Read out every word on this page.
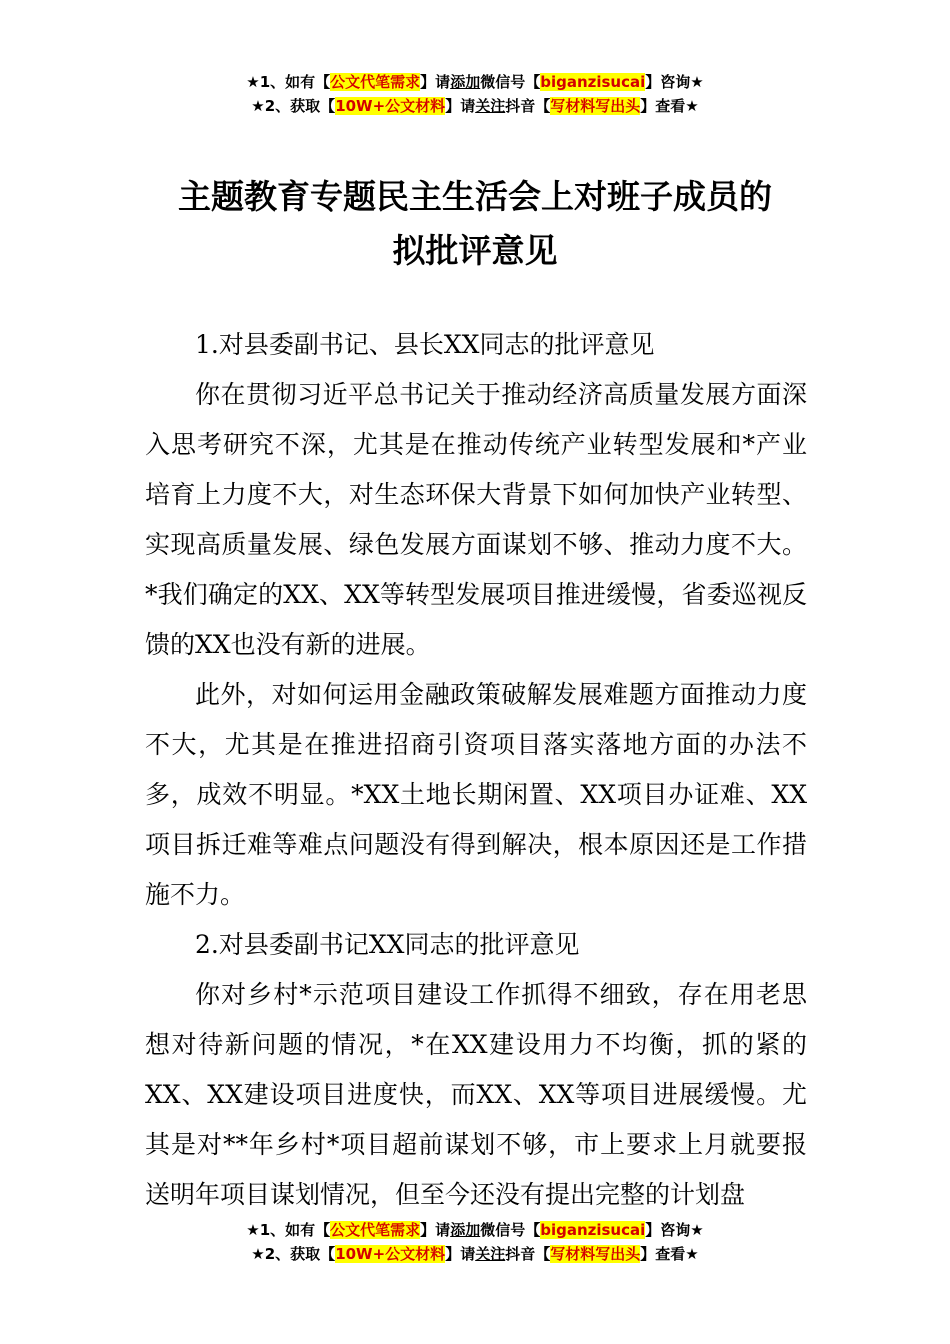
★1、如有【公文代笔需求】请添加微信号【biganzisucai】咨询★
★2、获取【10W+公文材料】请关注抖音【写材料写出头】查看★
主题教育专题民主生活会上对班子成员的
拟批评意见

1.对县委副书记、县长XX同志的批评意见

你在贯彻习近平总书记关于推动经济高质量发展方面深入思考研究不深，尤其是在推动传统产业转型发展和*产业培育上力度不大，对生态环保大背景下如何加快产业转型、实现高质量发展、绿色发展方面谋划不够、推动力度不大。*我们确定的XX、XX等转型发展项目推进缓慢，省委巡视反馈的XX也没有新的进展。

此外，对如何运用金融政策破解发展难题方面推动力度不大，尤其是在推进招商引资项目落实落地方面的办法不多，成效不明显。*XX土地长期闲置、XX项目办证难、XX项目拆迁难等难点问题没有得到解决，根本原因还是工作措施不力。

2.对县委副书记XX同志的批评意见

你对乡村*示范项目建设工作抓得不细致，存在用老思想对待新问题的情况，*在XX建设用力不均衡，抓的紧的XX、XX建设项目进度快，而XX、XX等项目进展缓慢。尤其是对**年乡村*项目超前谋划不够，市上要求上月就要报送明年项目谋划情况，但至今还没有提出完整的计划盘

★1、如有【公文代笔需求】请添加微信号【biganzisucai】咨询★
★2、获取【10W+公文材料】请关注抖音【写材料写出头】查看★
